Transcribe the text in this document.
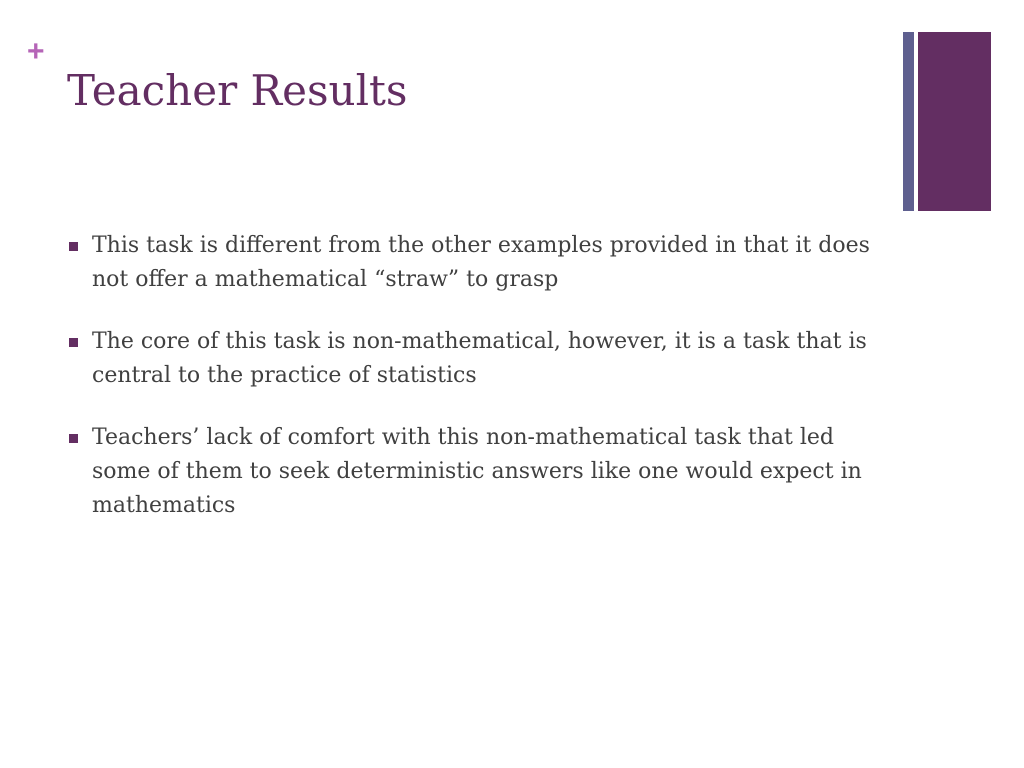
+
Teacher Results
This task is different from the other examples provided in that it does not offer a mathematical “straw” to grasp
The core of this task is non-mathematical, however, it is a task that is central to the practice of statistics
Teachers’ lack of comfort with this non-mathematical task that led some of them to seek deterministic answers like one would expect in mathematics
